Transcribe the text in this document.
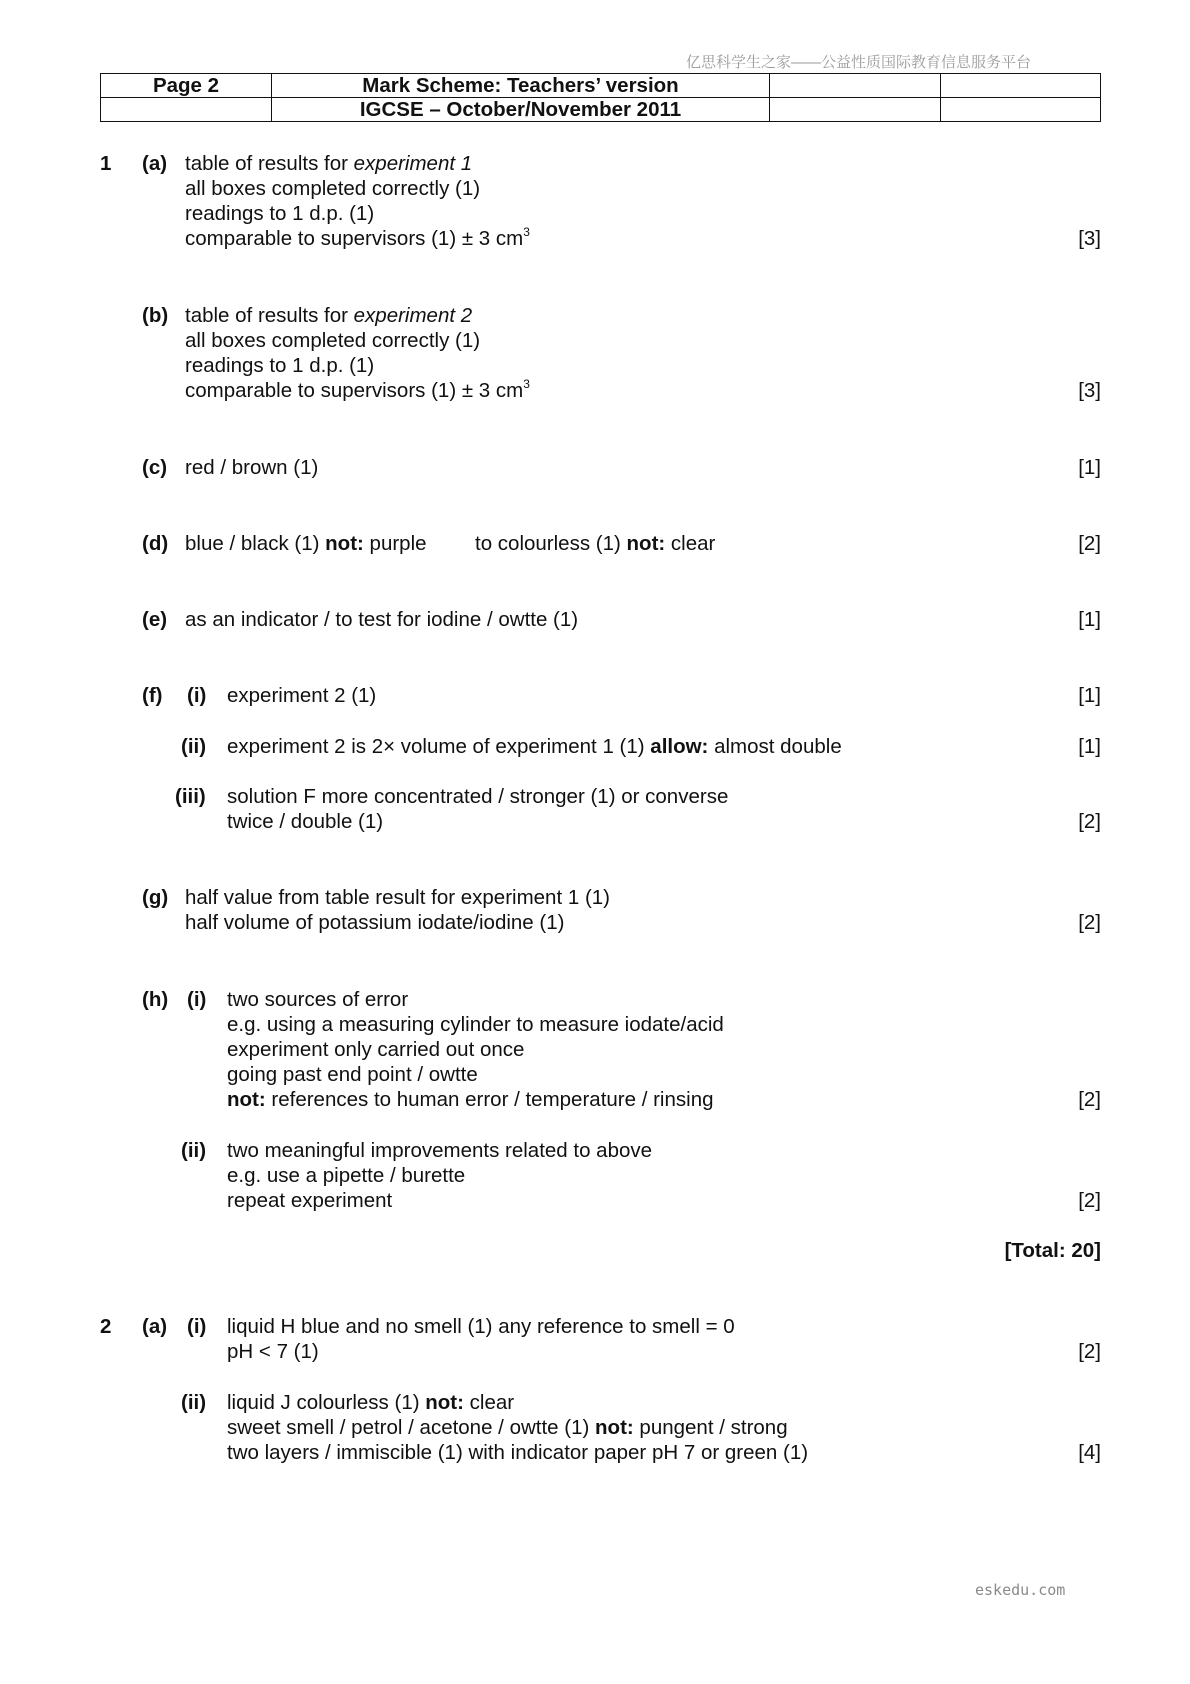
亿思科学生之家——公益性质国际教育信息服务平台
Page 2	Mark Scheme: Teachers’ version		
	IGCSE – October/November 2011		
1 (a) table of results for experiment 1
all boxes completed correctly (1)
readings to 1 d.p. (1)
comparable to supervisors (1) ± 3 $cm^3$	[3]
(b) table of results for experiment 2
all boxes completed correctly (1)
readings to 1 d.p. (1)
comparable to supervisors (1) ± 3 $cm^3$	[3]
(c) red / brown (1)	[1]
(d) blue / black (1) not: purple to colourless (1) not: clear	[2]
(e) as an indicator / to test for iodine / owtte (1)	[1]
(f) (i) experiment 2 (1)	[1]
(ii) experiment 2 is 2× volume of experiment 1 (1) allow: almost double	[1]
(iii) solution F more concentrated / stronger (1) or converse
twice / double (1)	[2]
(g) half value from table result for experiment 1 (1)
half volume of potassium iodate/iodine (1)	[2]
(h) (i) two sources of error
e.g. using a measuring cylinder to measure iodate/acid
experiment only carried out once
going past end point / owtte
not: references to human error / temperature / rinsing	[2]
(ii) two meaningful improvements related to above
e.g. use a pipette / burette
repeat experiment	[2]
[Total: 20]
2 (a) (i) liquid H blue and no smell (1) any reference to smell = 0
pH < 7 (1)	[2]
(ii) liquid J colourless (1) not: clear
sweet smell / petrol / acetone / owtte (1) not: pungent / strong
two layers / immiscible (1) with indicator paper pH 7 or green (1)	[4]
eskedu.com
